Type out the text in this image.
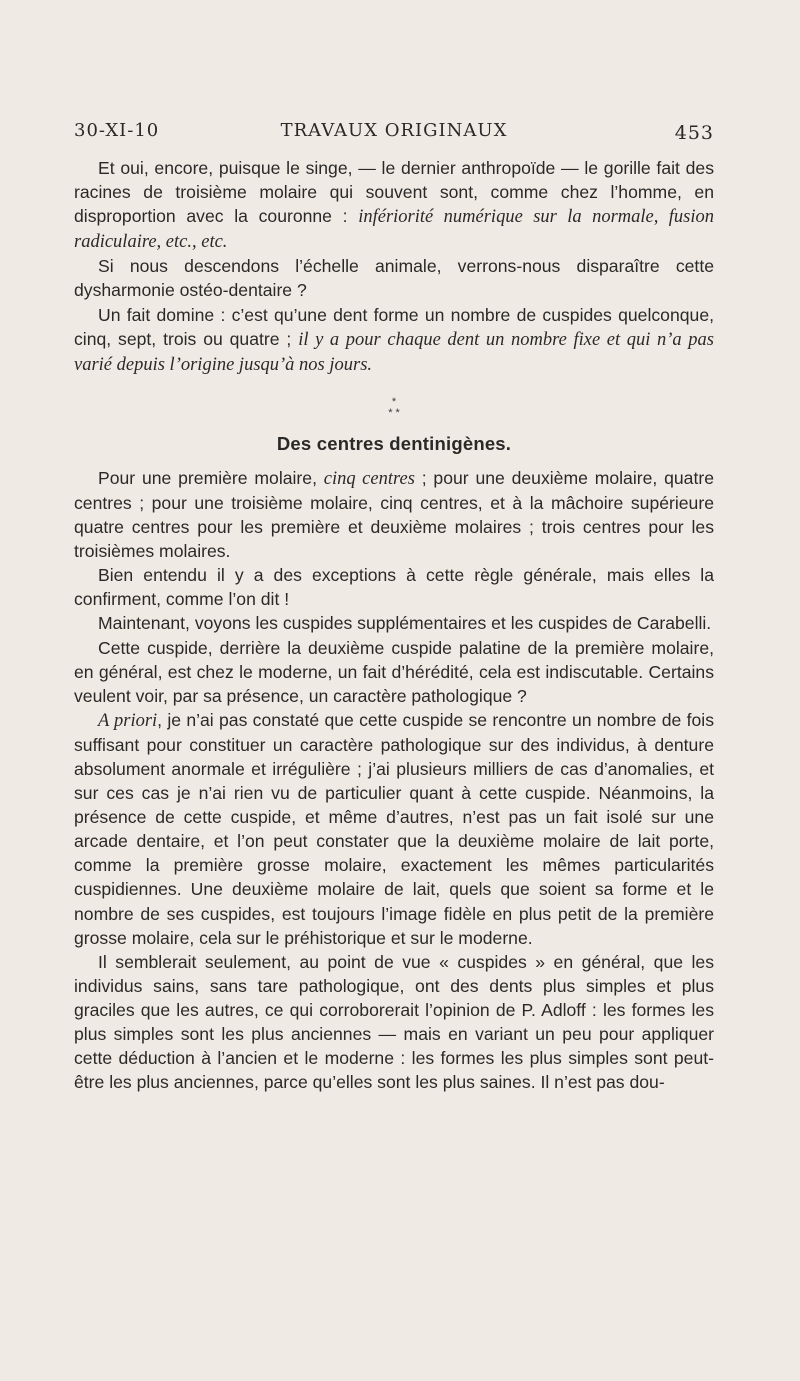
30-XI-10	TRAVAUX ORIGINAUX	453

Et oui, encore, puisque le singe, — le dernier anthropoïde — le gorille fait des racines de troisième molaire qui souvent sont, comme chez l’homme, en disproportion avec la couronne : infériorité numérique sur la normale, fusion radiculaire, etc., etc.

Si nous descendons l’échelle animale, verrons-nous disparaître cette dysharmonie ostéo-dentaire ?

Un fait domine : c’est qu’une dent forme un nombre de cuspides quelconque, cinq, sept, trois ou quatre ; il y a pour chaque dent un nombre fixe et qui n’a pas varié depuis l’origine jusqu’à nos jours.

*
* *
Des centres dentinigènes.

Pour une première molaire, cinq centres ; pour une deuxième molaire, quatre centres ; pour une troisième molaire, cinq centres, et à la mâchoire supérieure quatre centres pour les première et deuxième molaires ; trois centres pour les troisièmes molaires.

Bien entendu il y a des exceptions à cette règle générale, mais elles la confirment, comme l’on dit !

Maintenant, voyons les cuspides supplémentaires et les cuspides de Carabelli.

Cette cuspide, derrière la deuxième cuspide palatine de la première molaire, en général, est chez le moderne, un fait d’hérédité, cela est indiscutable. Certains veulent voir, par sa présence, un caractère pathologique ?

A priori, je n’ai pas constaté que cette cuspide se rencontre un nombre de fois suffisant pour constituer un caractère pathologique sur des individus, à denture absolument anormale et irrégulière ; j’ai plusieurs milliers de cas d’anomalies, et sur ces cas je n’ai rien vu de particulier quant à cette cuspide. Néanmoins, la présence de cette cuspide, et même d’autres, n’est pas un fait isolé sur une arcade dentaire, et l’on peut constater que la deuxième molaire de lait porte, comme la première grosse molaire, exactement les mêmes particularités cuspidiennes. Une deuxième molaire de lait, quels que soient sa forme et le nombre de ses cuspides, est toujours l’image fidèle en plus petit de la première grosse molaire, cela sur le préhistorique et sur le moderne.

Il semblerait seulement, au point de vue « cuspides » en général, que les individus sains, sans tare pathologique, ont des dents plus simples et plus graciles que les autres, ce qui corroborerait l’opinion de P. Adloff : les formes les plus simples sont les plus anciennes — mais en variant un peu pour appliquer cette déduction à l’ancien et le moderne : les formes les plus simples sont peut-être les plus anciennes, parce qu’elles sont les plus saines. Il n’est pas dou-
